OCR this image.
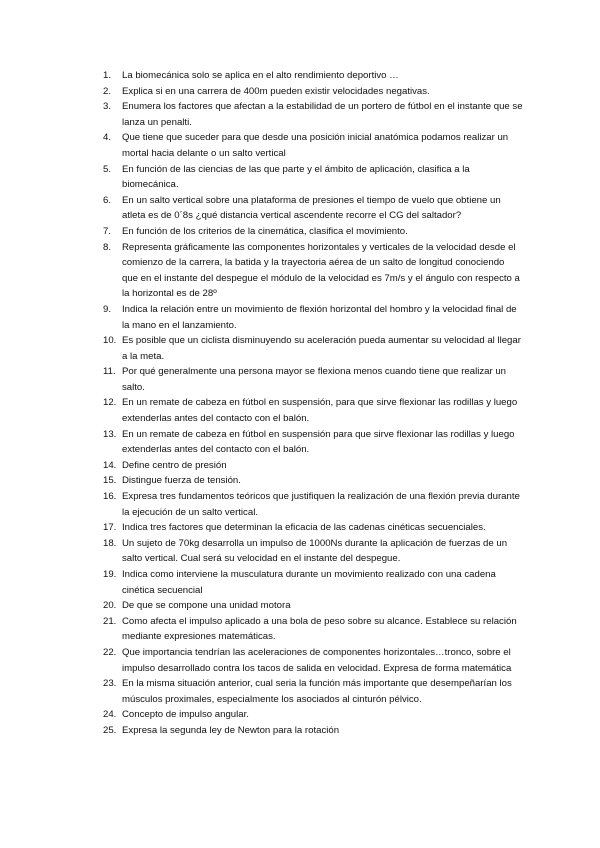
1.	La biomecánica solo se aplica en el alto rendimiento deportivo …
2.	Explica si en una carrera de 400m pueden existir velocidades negativas.
3.	Enumera los factores que afectan a la estabilidad de un portero de fútbol en el instante que se lanza un penalti.
4.	Que tiene que suceder para que desde una posición inicial anatómica podamos realizar un mortal hacia delante o un salto vertical
5.	En función de las ciencias de las que parte y el ámbito de aplicación, clasifica a la biomecánica.
6.	En un salto vertical sobre una plataforma de presiones el tiempo de vuelo que obtiene un atleta es de 0´8s ¿qué distancia vertical ascendente recorre el CG del saltador?
7.	En función de los criterios de la cinemática, clasifica el movimiento.
8.	Representa gráficamente las componentes horizontales y verticales de la velocidad desde el comienzo de la carrera, la batida y la trayectoria aérea de un salto de longitud conociendo que en el instante del despegue el módulo de la velocidad es 7m/s y el ángulo con respecto a la horizontal es de 28º
9.	Indica la relación entre un movimiento de flexión horizontal del hombro y la velocidad final de la mano en el lanzamiento.
10. Es posible que un ciclista disminuyendo su aceleración pueda aumentar su velocidad al llegar a la meta.
11. Por qué generalmente una persona mayor se flexiona menos cuando tiene que realizar un salto.
12. En un remate de cabeza en fútbol en suspensión, para que sirve flexionar las rodillas y luego extenderlas antes del contacto con el balón.
13. En un remate de cabeza en fútbol en suspensión para que sirve flexionar las rodillas y luego extenderlas antes del contacto con el balón.
14. Define centro de presión
15. Distingue fuerza de tensión.
16. Expresa tres fundamentos teóricos que justifiquen la realización de una flexión previa durante la ejecución de un salto vertical.
17. Indica tres factores que determinan la eficacia de las cadenas cinéticas secuenciales.
18. Un sujeto de 70kg desarrolla un impulso de 1000Ns durante la aplicación de fuerzas de un salto vertical. Cual será su velocidad en el instante del despegue.
19. Indica como interviene la musculatura durante un movimiento realizado con una cadena cinética secuencial
20. De que se compone una unidad motora
21. Como afecta el impulso aplicado a una bola de peso sobre su alcance. Establece su relación mediante expresiones matemáticas.
22. Que importancia tendrían las aceleraciones de componentes horizontales…tronco, sobre el impulso desarrollado contra los tacos de salida en velocidad. Expresa de forma matemática
23. En la misma situación anterior, cual seria la función más importante que desempeñarían los músculos proximales, especialmente los asociados al cinturón pélvico.
24. Concepto de impulso angular.
25. Expresa la segunda ley de Newton para la rotación
